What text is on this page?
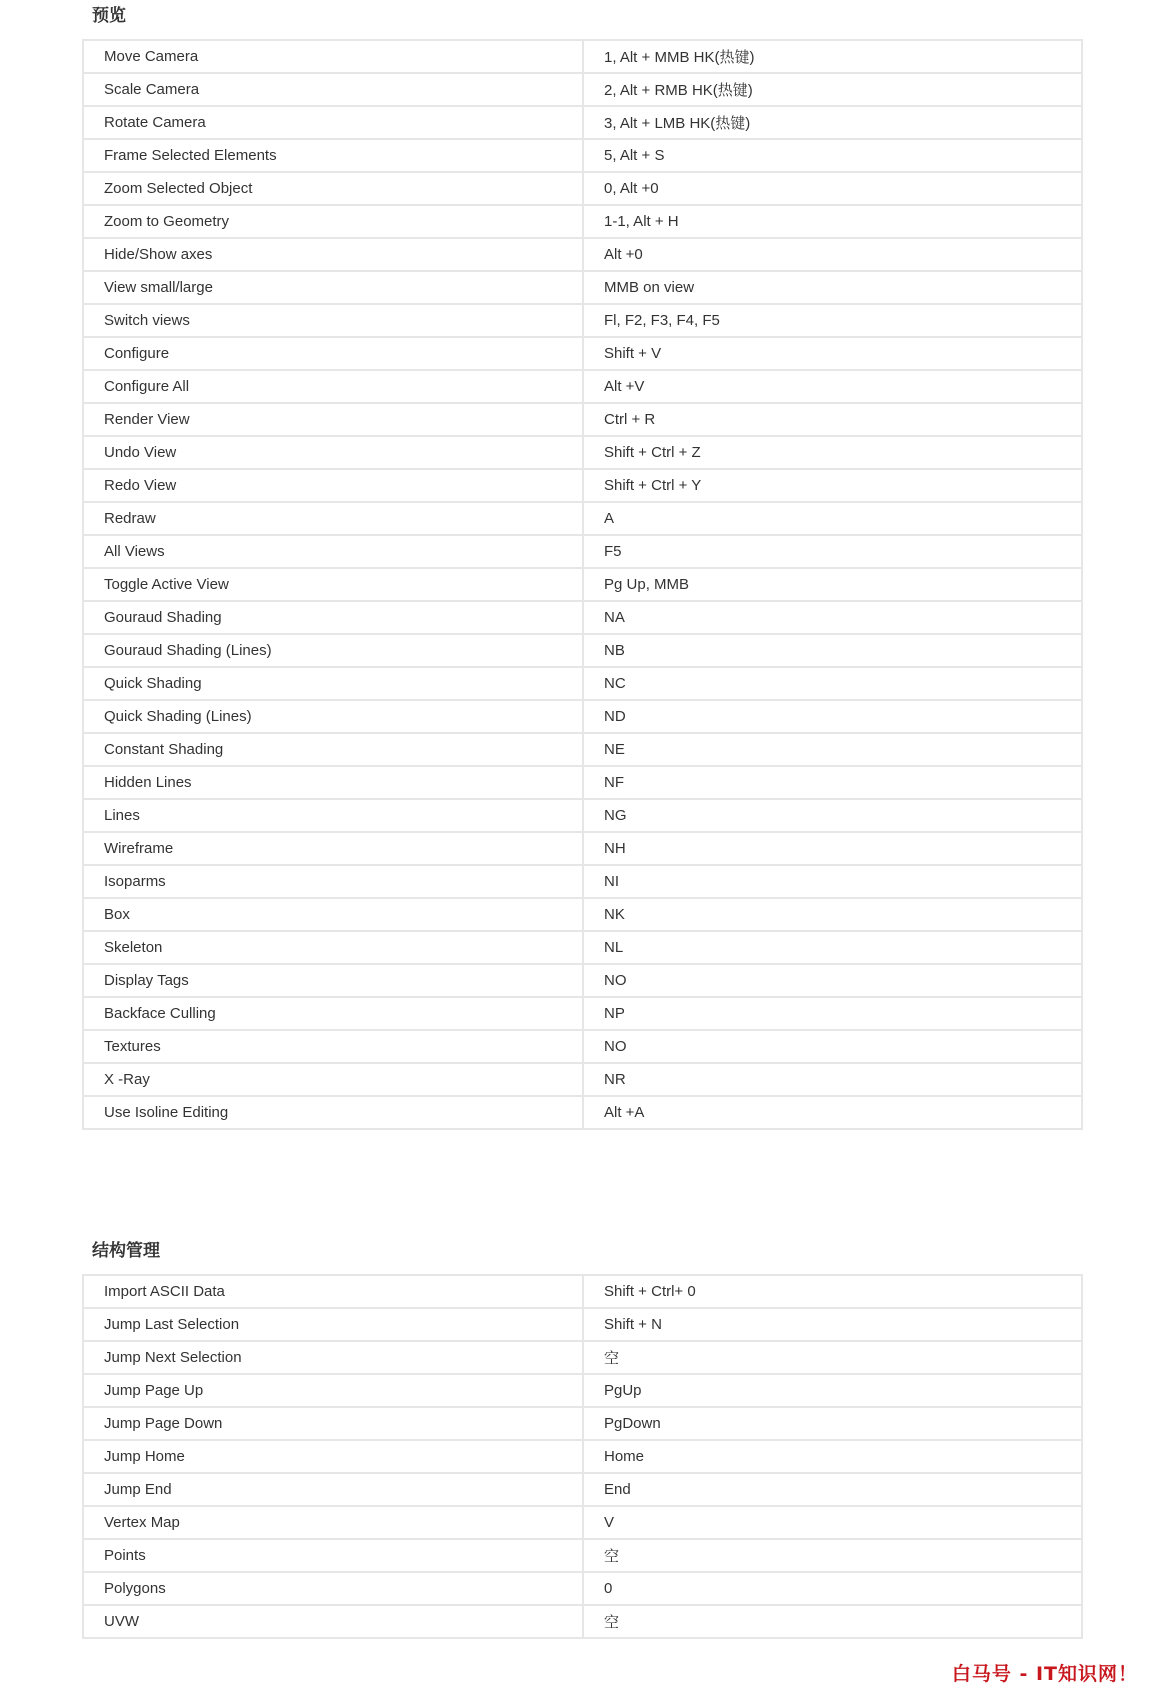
预览
Move Camera	1, Alt + MMB HK(热键)
Scale Camera	2, Alt + RMB HK(热键)
Rotate Camera	3, Alt + LMB HK(热键)
Frame Selected Elements	5, Alt + S
Zoom Selected Object	0, Alt +0
Zoom to Geometry	1-1, Alt + H
Hide/Show axes	Alt +0
View small/large	MMB on view
Switch views	Fl, F2, F3, F4, F5
Configure	Shift + V
Configure All	Alt +V
Render View	Ctrl + R
Undo View	Shift + Ctrl + Z
Redo View	Shift + Ctrl + Y
Redraw	A
All Views	F5
Toggle Active View	Pg Up, MMB
Gouraud Shading	NA
Gouraud Shading (Lines)	NB
Quick Shading	NC
Quick Shading (Lines)	ND
Constant Shading	NE
Hidden Lines	NF
Lines	NG
Wireframe	NH
Isoparms	NI
Box	NK
Skeleton	NL
Display Tags	NO
Backface Culling	NP
Textures	NO
X -Ray	NR
Use Isoline Editing	Alt +A
结构管理
Import ASCII Data	Shift + Ctrl+ 0
Jump Last Selection	Shift + N
Jump Next Selection	空
Jump Page Up	PgUp
Jump Page Down	PgDown
Jump Home	Home
Jump End	End
Vertex Map	V
Points	空
Polygons	0
UVW	空
白马号 - IT知识网！
